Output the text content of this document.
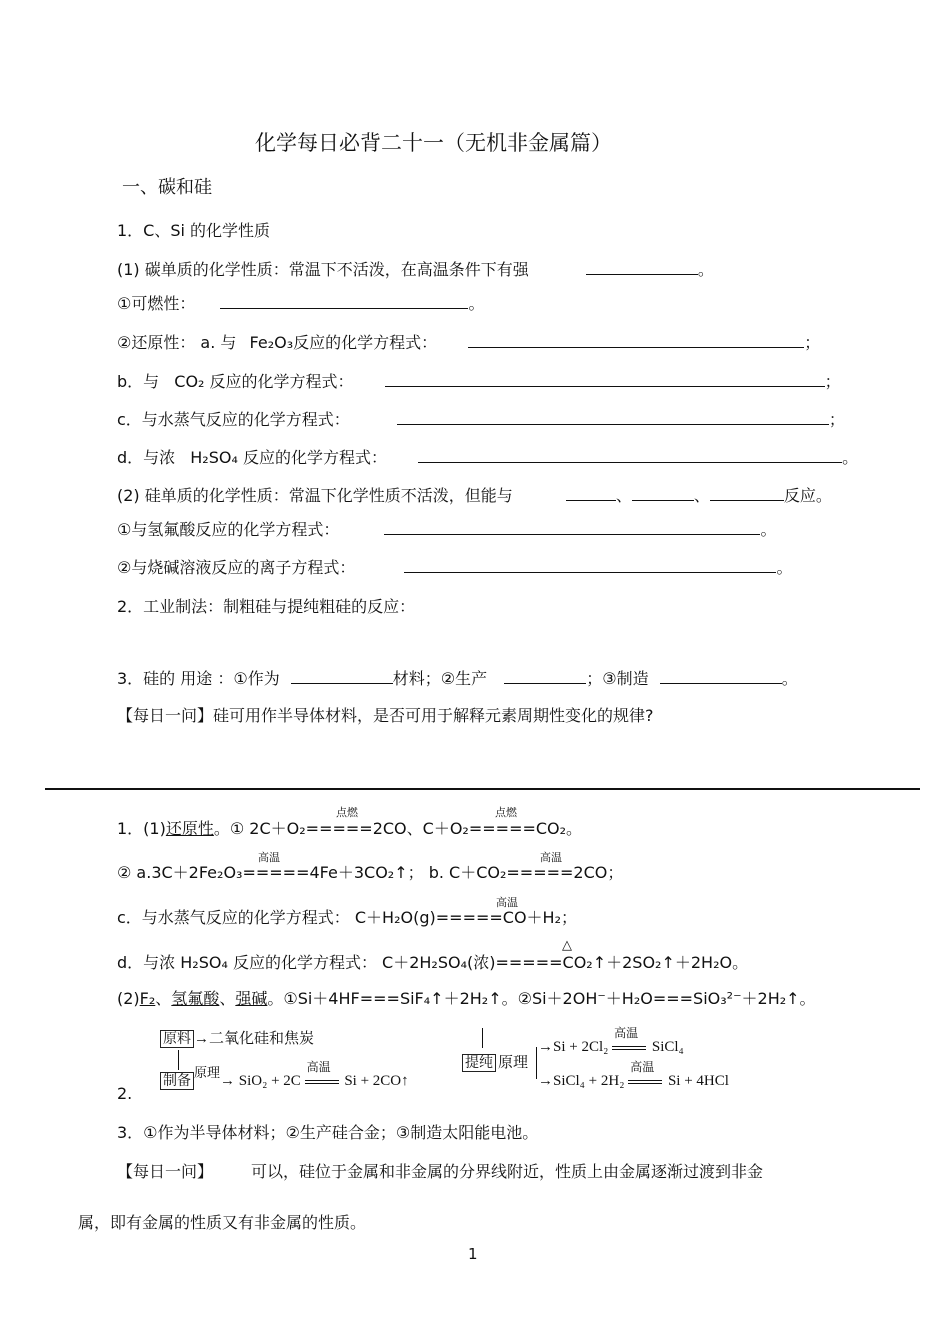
化学每日必背二十一（无机非金属篇）
一、碳和硅
1．C、Si 的化学性质
(1) 碳单质的化学性质：常温下不活泼，在高温条件下有强	。
①可燃性：	。
②还原性： a. 与 Fe₂O₃反应的化学方程式：	；
b．与 CO₂ 反应的化学方程式：	；
c．与水蒸气反应的化学方程式：	；
d．与浓 H₂SO₄ 反应的化学方程式：	。
(2) 硅单质的化学性质：常温下化学性质不活泼，但能与	、	、	反应。
①与氢氟酸反应的化学方程式：	。
②与烧碱溶液反应的离子方程式：	。
2．工业制法：制粗硅与提纯粗硅的反应：
3．硅的 用途 ：①作为	材料；②生产	；③制造	。
【每日一问】硅可用作半导体材料，是否可用于解释元素周期性变化的规律?
点燃	点燃
1．(1)还原性。① 2C＋O₂=====2CO、C＋O₂=====CO₂。
高温	高温
② a.3C＋2Fe₂O₃=====4Fe＋3CO₂↑； b. C＋CO₂=====2CO；
高温
c．与水蒸气反应的化学方程式： C＋H₂O(g)=====CO＋H₂；
△
d．与浓 H₂SO₄ 反应的化学方程式： C＋2H₂SO₄(浓)=====CO₂↑＋2SO₂↑＋2H₂O。
(2)F₂、氢氟酸、强碱。①Si＋4HF===SiF₄↑＋2H₂↑。②Si＋2OH⁻＋H₂O===SiO₃²⁻＋2H₂↑。
2.
原料 →二氧化硅和焦炭
制备原理→ SiO₂ + 2C
高温
Si + 2CO↑
提纯 原理
→Si + 2Cl₂
高温
SiCl₄
→SiCl₄ + 2H₂
高温
Si + 4HCl
3．①作为半导体材料；②生产硅合金；③制造太阳能电池。
【每日一问】 可以，硅位于金属和非金属的分界线附近，性质上由金属逐渐过渡到非金
属，即有金属的性质又有非金属的性质。
1
